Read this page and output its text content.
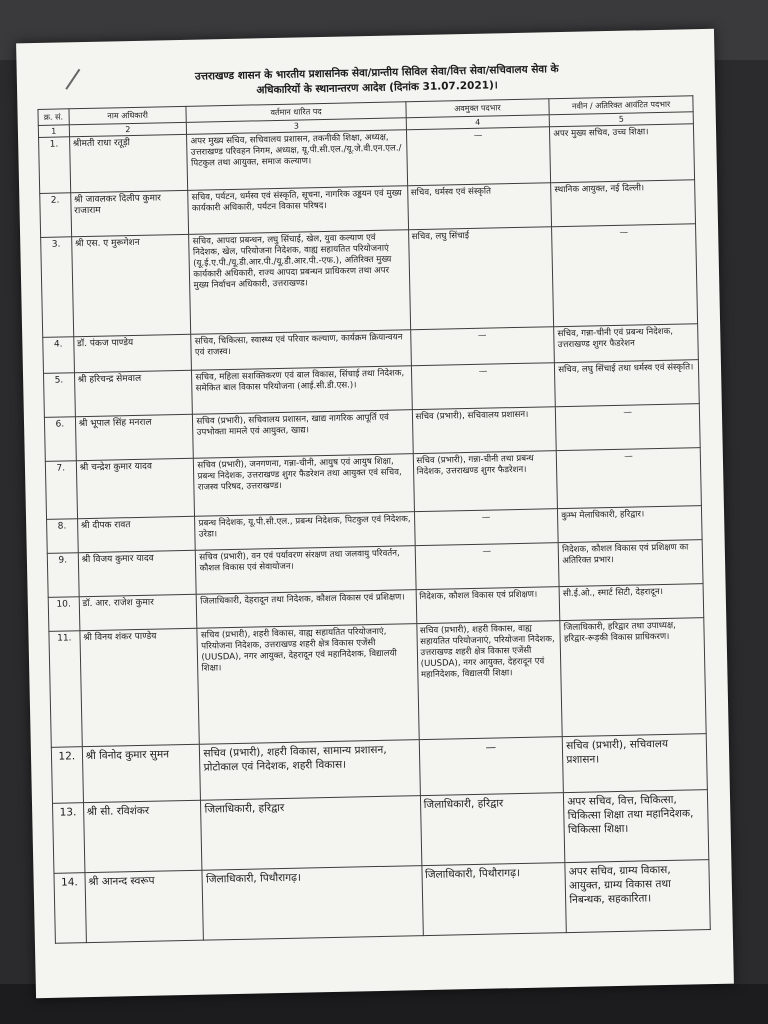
उत्तराखण्ड शासन के भारतीय प्रशासनिक सेवा/प्रान्तीय सिविल सेवा/वित्त सेवा/सचिवालय सेवा के
अधिकारियों के स्थानान्तरण आदेश (दिनांक 31.07.2021)।
क्र. सं.	नाम अधिकारी	वर्तमान धारित पद	अवमुक्त पदभार	नवीन / अतिरिक्त आवंटित पदभार
1	2	3	4	5
1.	श्रीमती राधा रतूड़ी	अपर मुख्य सचिव, सचिवालय प्रशासन, तकनीकी शिक्षा, अध्यक्ष, उत्तराखण्ड परिवहन निगम, अध्यक्ष, यू.पी.सी.एल./यू.जे.वी.एन.एल./पिटकुल तथा आयुक्त, समाज कल्याण।	—	अपर मुख्य सचिव, उच्च शिक्षा।
2.	श्री जावलकर दिलीप कुमार राजाराम	सचिव, पर्यटन, धर्मस्व एवं संस्कृति, सूचना, नागरिक उड्डयन एवं मुख्य कार्यकारी अधिकारी, पर्यटन विकास परिषद।	सचिव, धर्मस्व एवं संस्कृति	स्थानिक आयुक्त, नई दिल्ली।
3.	श्री एस. ए मुरूगेशन	सचिव, आपदा प्रबन्धन, लघु सिंचाई, खेल, युवा कल्याण एवं निदेशक, खेल, परियोजना निदेशक, वाह्य सहायतित परियोजनाएं (यू.ई.ए.पी./यू.डी.आर.पी./यू.डी.आर.पी.-एफ.), अतिरिक्त मुख्य कार्यकारी अधिकारी, राज्य आपदा प्रबन्धन प्राधिकरण तथा अपर मुख्य निर्वाचन अधिकारी, उत्तराखण्ड।	सचिव, लघु सिंचाई	—
4.	डॉ. पंकज पाण्डेय	सचिव, चिकित्सा, स्वास्थ्य एवं परिवार कल्याण, कार्यक्रम क्रियान्वयन एवं राजस्व।	—	सचिव, गन्ना-चीनी एवं प्रबन्ध निदेशक, उत्तराखण्ड शुगर फैडरेशन
5.	श्री हरिचन्द्र सेमवाल	सचिव, महिला सशक्तिकरण एवं बाल विकास, सिंचाई तथा निदेशक, समेकित बाल विकास परियोजना (आई.सी.डी.एस.)।	—	सचिव, लघु सिंचाई तथा धर्मस्व एवं संस्कृति।
6.	श्री भूपाल सिंह मनराल	सचिव (प्रभारी), सचिवालय प्रशासन, खाद्य नागरिक आपूर्ति एवं उपभोक्ता मामले एवं आयुक्त, खाद्य।	सचिव (प्रभारी), सचिवालय प्रशासन।	—
7.	श्री चन्द्रेश कुमार यादव	सचिव (प्रभारी), जनगणना, गन्ना-चीनी, आयुष एवं आयुष शिक्षा, प्रबन्ध निदेशक, उत्तराखण्ड शुगर फैडरेशन तथा आयुक्त एवं सचिव, राजस्व परिषद, उत्तराखण्ड।	सचिव (प्रभारी), गन्ना-चीनी तथा प्रबन्ध निदेशक, उत्तराखण्ड शुगर फैडरेशन।	—
8.	श्री दीपक रावत	प्रबन्ध निदेशक, यू.पी.सी.एल., प्रबन्ध निदेशक, पिटकुल एवं निदेशक, उरेडा।	—	कुम्भ मेलाधिकारी, हरिद्वार।
9.	श्री विजय कुमार यादव	सचिव (प्रभारी), वन एवं पर्यावरण संरक्षण तथा जलवायु परिवर्तन, कौशल विकास एवं सेवायोजन।	—	निदेशक, कौशल विकास एवं प्रशिक्षण का अतिरिक्त प्रभार।
10.	डॉ. आर. राजेश कुमार	जिलाधिकारी, देहरादून तथा निदेशक, कौशल विकास एवं प्रशिक्षण।	निदेशक, कौशल विकास एवं प्रशिक्षण।	सी.ई.ओ., स्मार्ट सिटी, देहरादून।
11.	श्री विनय शंकर पाण्डेय	सचिव (प्रभारी), शहरी विकास, वाह्य सहायतित परियोजनाएं, परियोजना निदेशक, उत्तराखण्ड शहरी क्षेत्र विकास एजेंसी (UUSDA), नगर आयुक्त, देहरादून एवं महानिदेशक, विद्यालयी शिक्षा।	सचिव (प्रभारी), शहरी विकास, वाह्य सहायतित परियोजनाएं, परियोजना निदेशक, उत्तराखण्ड शहरी क्षेत्र विकास एजेंसी (UUSDA), नगर आयुक्त, देहरादून एवं महानिदेशक, विद्यालयी शिक्षा।	जिलाधिकारी, हरिद्वार तथा उपाध्यक्ष, हरिद्वार-रूड़की विकास प्राधिकरण।
12.	श्री विनोद कुमार सुमन	सचिव (प्रभारी), शहरी विकास, सामान्य प्रशासन, प्रोटोकाल एवं निदेशक, शहरी विकास।	—	सचिव (प्रभारी), सचिवालय प्रशासन।
13.	श्री सी. रविशंकर	जिलाधिकारी, हरिद्वार	जिलाधिकारी, हरिद्वार	अपर सचिव, वित्त, चिकित्सा, चिकित्सा शिक्षा तथा महानिदेशक, चिकित्सा शिक्षा।
14.	श्री आनन्द स्वरूप	जिलाधिकारी, पिथौरागढ़।	जिलाधिकारी, पिथौरागढ़।	अपर सचिव, ग्राम्य विकास, आयुक्त, ग्राम्य विकास तथा निबन्धक, सहकारिता।
